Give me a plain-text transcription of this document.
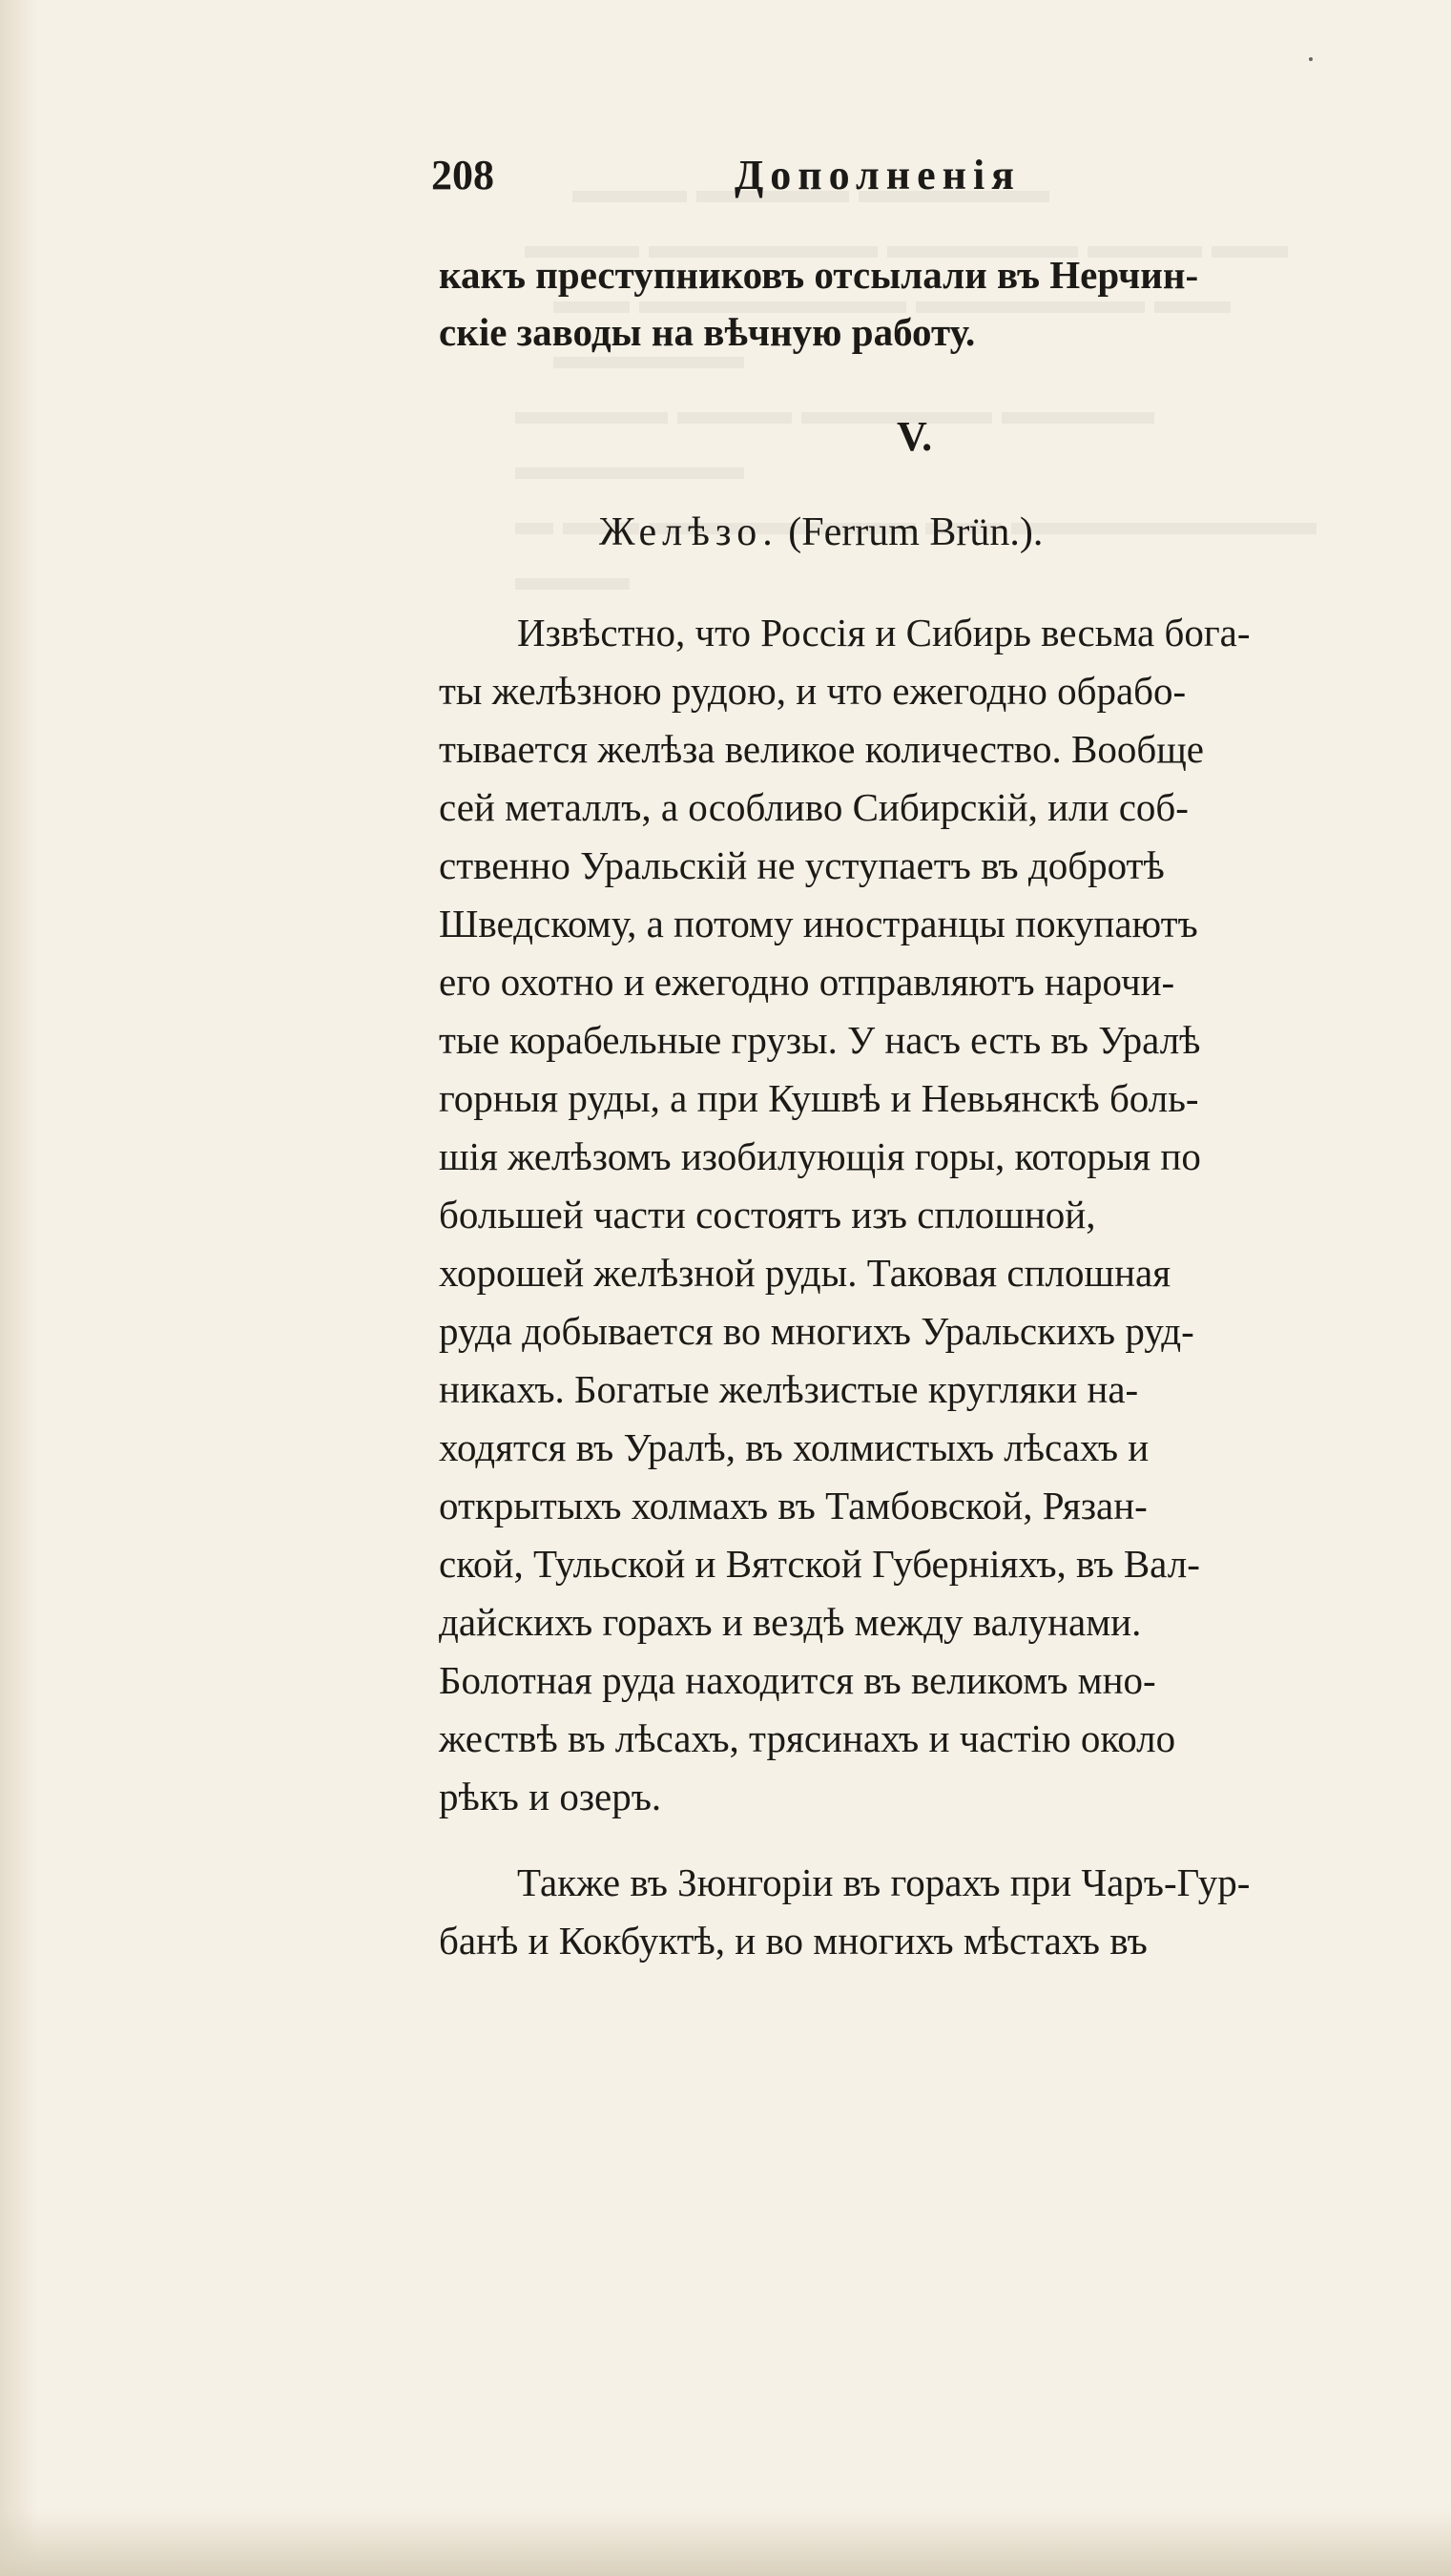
208	Дополненія
какъ преступниковъ отсылали въ Нерчин-
скіе заводы на вѣчную работу.
V.
Желѣзо. (Ferrum Brün.).
Извѣстно, что Россія и Сибирь весьма бога-
ты желѣзною рудою, и что ежегодно обрабо-
тывается желѣза великое количество. Вообще
сей металлъ, а особливо Сибирскій, или соб-
ственно Уральскій не уступаетъ въ добротѣ
Шведскому, а потому иностранцы покупаютъ
его охотно и ежегодно отправляютъ нарочи-
тые корабельные грузы. У насъ есть въ Уралѣ
горныя руды, а при Кушвѣ и Невьянскѣ боль-
шія желѣзомъ изобилующія горы, которыя по
большей части состоятъ изъ сплошной,
хорошей желѣзной руды. Таковая сплошная
руда добывается во многихъ Уральскихъ руд-
никахъ. Богатые желѣзистые кругляки на-
ходятся въ Уралѣ, въ холмистыхъ лѣсахъ и
открытыхъ холмахъ въ Тамбовской, Рязан-
ской, Тульской и Вятской Губерніяхъ, въ Вал-
дайскихъ горахъ и вездѣ между валунами.
Болотная руда находится въ великомъ мно-
жествѣ въ лѣсахъ, трясинахъ и частію около
рѣкъ и озеръ.
Также въ Зюнгоріи въ горахъ при Чаръ-Гур-
банѣ и Кокбуктѣ, и во многихъ мѣстахъ въ
